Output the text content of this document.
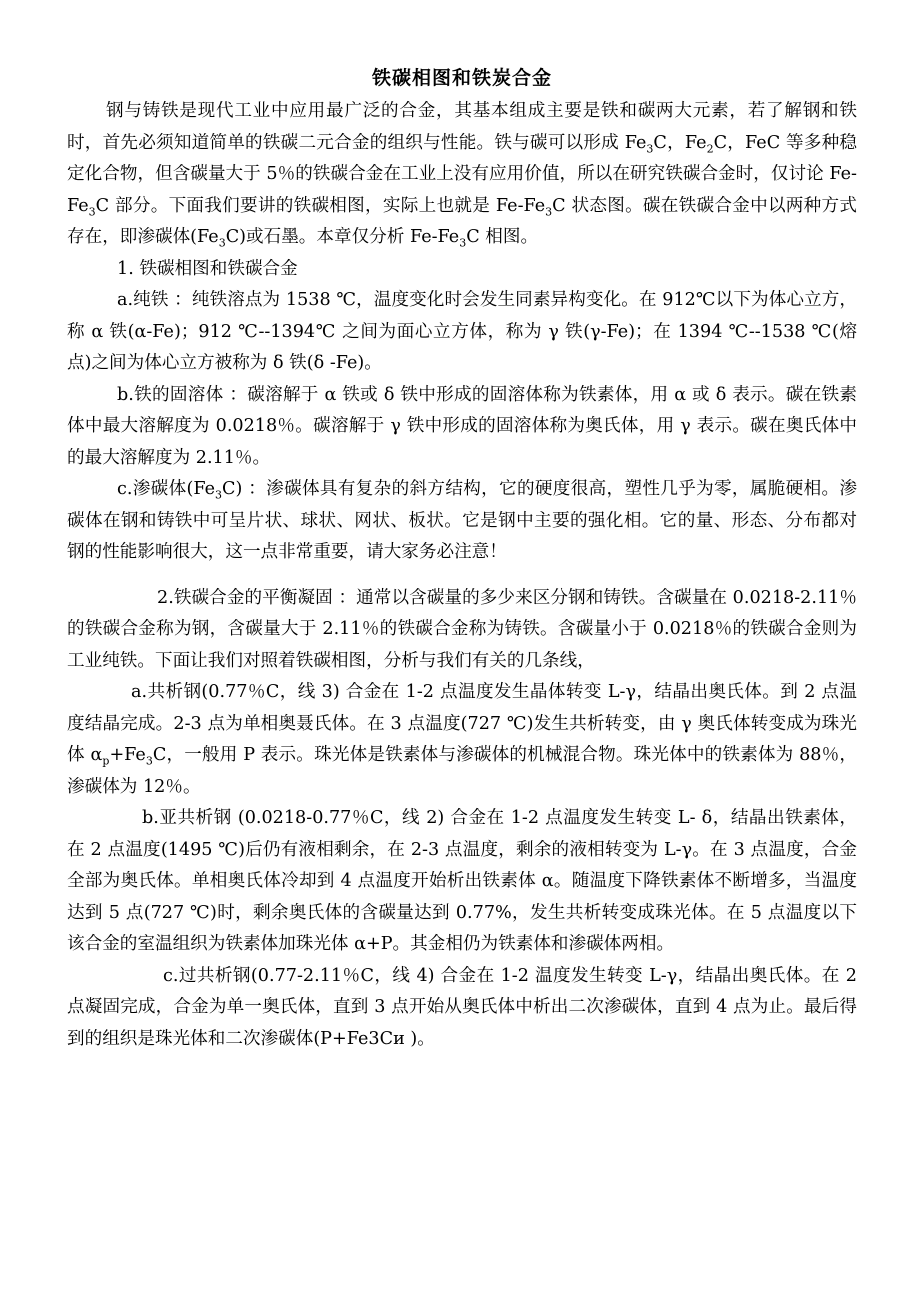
铁碳相图和铁炭合金

钢与铸铁是现代工业中应用最广泛的合金，其基本组成主要是铁和碳两大元素，若了解钢和铁时，首先必须知道简单的铁碳二元合金的组织与性能。铁与碳可以形成 $Fe_3C$，$Fe_2C$，FeC 等多种稳定化合物，但含碳量大于 5％的铁碳合金在工业上没有应用价值，所以在研究铁碳合金时，仅讨论 $Fe-Fe_3C$ 部分。下面我们要讲的铁碳相图，实际上也就是 $Fe-Fe_3C$ 状态图。碳在铁碳合金中以两种方式存在，即渗碳体$(Fe_3C)$或石墨。本章仅分析 $Fe-Fe_3C$ 相图。

1. 铁碳相图和铁碳合金

a.纯铁 ：纯铁溶点为 1538 ℃，温度变化时会发生同素异构变化。在 912℃以下为体心立方，称 α 铁(α-Fe)；912 ℃--1394℃ 之间为面心立方体，称为 γ 铁(γ-Fe)；在 1394 ℃--1538 ℃(熔点)之间为体心立方被称为 δ 铁(δ -Fe)。

b.铁的固溶体 ：碳溶解于 α 铁或 δ 铁中形成的固溶体称为铁素体，用 α 或 δ 表示。碳在铁素体中最大溶解度为 0.0218％。碳溶解于 γ 铁中形成的固溶体称为奥氏体，用 γ 表示。碳在奥氏体中的最大溶解度为 2.11％。

c.渗碳体$(Fe_3C)$ ：渗碳体具有复杂的斜方结构，它的硬度很高，塑性几乎为零，属脆硬相。渗碳体在钢和铸铁中可呈片状、球状、网状、板状。它是钢中主要的强化相。它的量、形态、分布都对钢的性能影响很大，这一点非常重要，请大家务必注意！

2.铁碳合金的平衡凝固 ：通常以含碳量的多少来区分钢和铸铁。含碳量在 0.0218-2.11％的铁碳合金称为钢，含碳量大于 2.11％的铁碳合金称为铸铁。含碳量小于 0.0218％的铁碳合金则为工业纯铁。下面让我们对照着铁碳相图，分析与我们有关的几条线，

a.共析钢(0.77％C，线 3) 合金在 1-2 点温度发生晶体转变 L-γ，结晶出奥氏体。到 2 点温度结晶完成。2-3 点为单相奥聂氏体。在 3 点温度(727 ℃)发生共析转变，由 γ 奥氏体转变成为珠光体 $\alpha_p+Fe_3C$，一般用 P 表示。珠光体是铁素体与渗碳体的机械混合物。珠光体中的铁素体为 88％，渗碳体为 12％。

b.亚共析钢 (0.0218-0.77％C，线 2) 合金在 1-2 点温度发生转变 L- δ，结晶出铁素体，在 2 点温度(1495 ℃)后仍有液相剩余，在 2-3 点温度，剩余的液相转变为 L-γ。在 3 点温度，合金全部为奥氏体。单相奥氏体冷却到 4 点温度开始析出铁素体 α。随温度下降铁素体不断增多，当温度达到 5 点(727 ℃)时，剩余奥氏体的含碳量达到 0.77%，发生共析转变成珠光体。在 5 点温度以下该合金的室温组织为铁素体加珠光体 α+P。其金相仍为铁素体和渗碳体两相。

c.过共析钢(0.77-2.11％C，线 4) 合金在 1-2 温度发生转变 L-γ，结晶出奥氏体。在 2 点凝固完成，合金为单一奥氏体，直到 3 点开始从奥氏体中析出二次渗碳体，直到 4 点为止。最后得到的组织是珠光体和二次渗碳体(P+Fe3Cи )。
